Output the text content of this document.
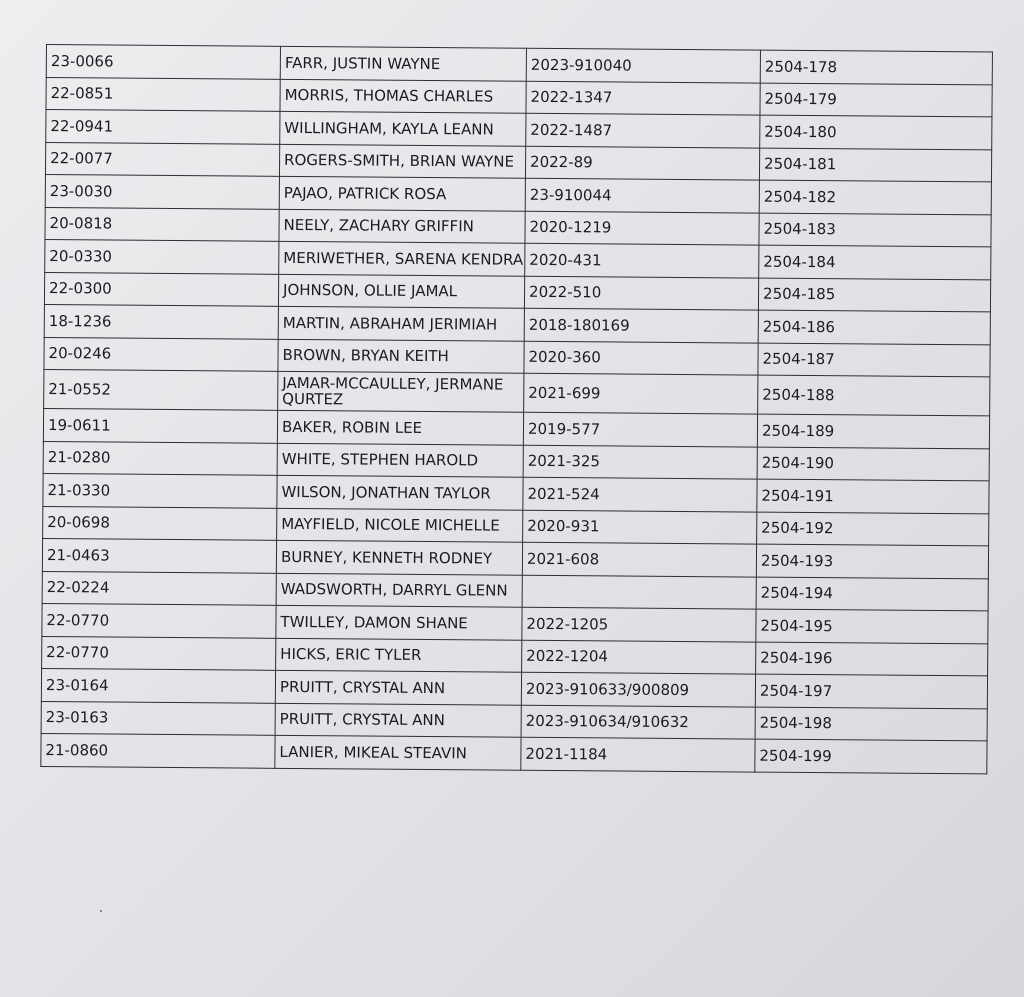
23-0066	FARR, JUSTIN WAYNE	2023-910040	2504-178
22-0851	MORRIS, THOMAS CHARLES	2022-1347	2504-179
22-0941	WILLINGHAM, KAYLA LEANN	2022-1487	2504-180
22-0077	ROGERS-SMITH, BRIAN WAYNE	2022-89	2504-181
23-0030	PAJAO, PATRICK ROSA	23-910044	2504-182
20-0818	NEELY, ZACHARY GRIFFIN	2020-1219	2504-183
20-0330	MERIWETHER, SARENA KENDRA	2020-431	2504-184
22-0300	JOHNSON, OLLIE JAMAL	2022-510	2504-185
18-1236	MARTIN, ABRAHAM JERIMIAH	2018-180169	2504-186
20-0246	BROWN, BRYAN KEITH	2020-360	2504-187
21-0552	JAMAR-MCCAULLEY, JERMANE QURTEZ	2021-699	2504-188
19-0611	BAKER, ROBIN LEE	2019-577	2504-189
21-0280	WHITE, STEPHEN HAROLD	2021-325	2504-190
21-0330	WILSON, JONATHAN TAYLOR	2021-524	2504-191
20-0698	MAYFIELD, NICOLE MICHELLE	2020-931	2504-192
21-0463	BURNEY, KENNETH RODNEY	2021-608	2504-193
22-0224	WADSWORTH, DARRYL GLENN		2504-194
22-0770	TWILLEY, DAMON SHANE	2022-1205	2504-195
22-0770	HICKS, ERIC TYLER	2022-1204	2504-196
23-0164	PRUITT, CRYSTAL ANN	2023-910633/900809	2504-197
23-0163	PRUITT, CRYSTAL ANN	2023-910634/910632	2504-198
21-0860	LANIER, MIKEAL STEAVIN	2021-1184	2504-199
